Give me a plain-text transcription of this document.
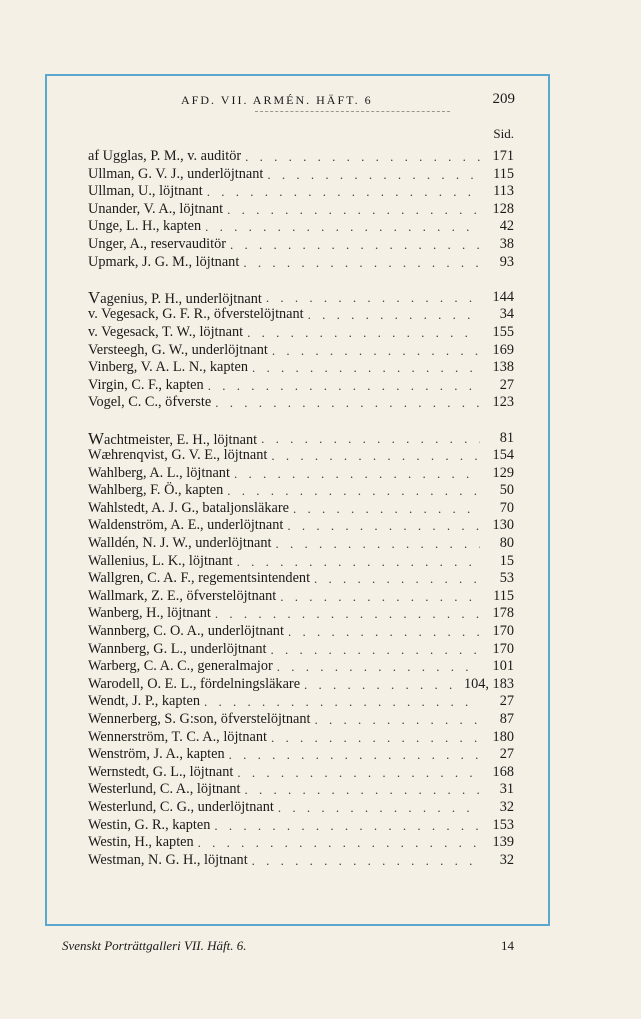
AFD. VII. ARMÉN. HÄFT. 6	209
Sid.
af Ugglas, P. M., v. auditör . . .	171
Ullman, G. V. J., underlöjtnant . . .	115
Ullman, U., löjtnant . . .	113
Unander, V. A., löjtnant . . .	128
Unge, L. H., kapten . . .	42
Unger, A., reservauditör . . .	38
Upmark, J. G. M., löjtnant . . .	93
Vagenius, P. H., underlöjtnant . . .	144
v. Vegesack, G. F. R., öfverstelöjtnant . . .	34
v. Vegesack, T. W., löjtnant . . .	155
Versteegh, G. W., underlöjtnant . . .	169
Vinberg, V. A. L. N., kapten . . .	138
Virgin, C. F., kapten . . .	27
Vogel, C. C., öfverste . . .	123
Wachtmeister, E. H., löjtnant . . .	81
Wæhrenqvist, G. V. E., löjtnant . . .	154
Wahlberg, A. L., löjtnant . . .	129
Wahlberg, F. Ö., kapten . . .	50
Wahlstedt, A. J. G., bataljonsläkare . . .	70
Waldenström, A. E., underlöjtnant . . .	130
Walldén, N. J. W., underlöjtnant . . .	80
Wallenius, L. K., löjtnant . . .	15
Wallgren, C. A. F., regementsintendent . . .	53
Wallmark, Z. E., öfverstelöjtnant . . .	115
Wanberg, H., löjtnant . . .	178
Wannberg, C. O. A., underlöjtnant . . .	170
Wannberg, G. L., underlöjtnant . . .	170
Warberg, C. A. C., generalmajor . . .	101
Warodell, O. E. L., fördelningsläkare . . .	104, 183
Wendt, J. P., kapten . . .	27
Wennerberg, S. G:son, öfverstelöjtnant . . .	87
Wennerström, T. C. A., löjtnant . . .	180
Wenström, J. A., kapten . . .	27
Wernstedt, G. L., löjtnant . . .	168
Westerlund, C. A., löjtnant . . .	31
Westerlund, C. G., underlöjtnant . . .	32
Westin, G. R., kapten . . .	153
Westin, H., kapten . . .	139
Westman, N. G. H., löjtnant . . .	32
Svenskt Porträttgalleri VII. Häft. 6.	14
